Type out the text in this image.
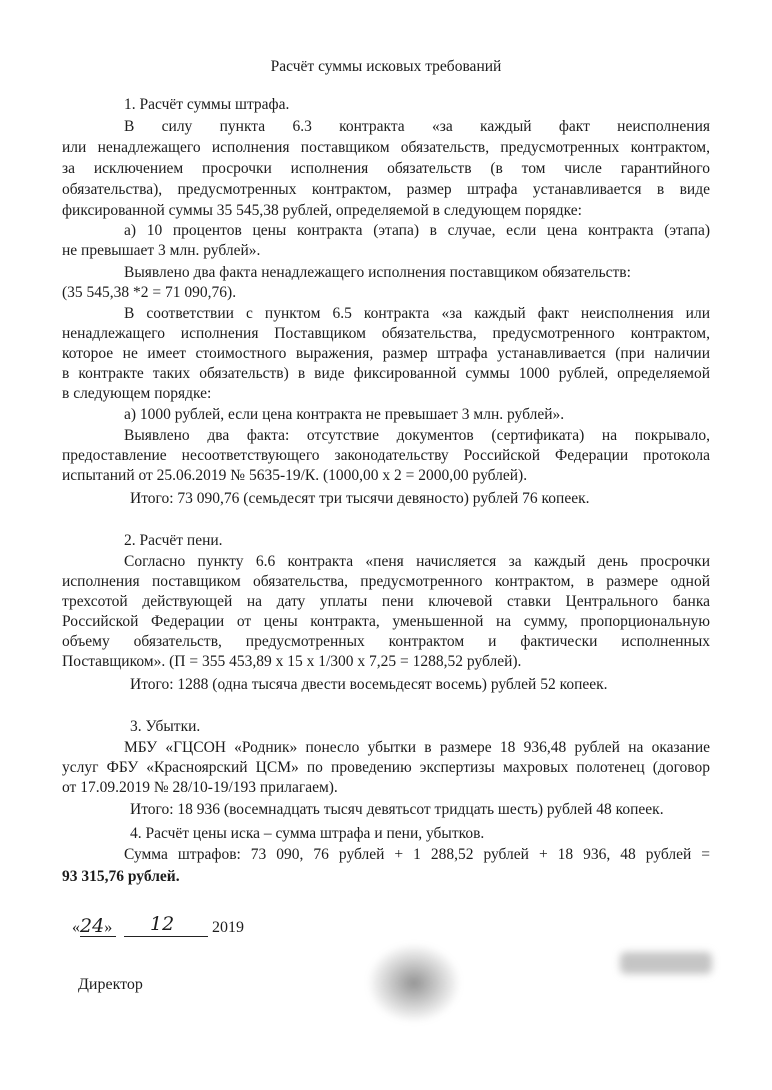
Расчёт суммы исковых требований
1. Расчёт суммы штрафа.
В силу пункта 6.3 контракта «за каждый факт неисполнения
или ненадлежащего исполнения поставщиком обязательств, предусмотренных контрактом,
за исключением просрочки исполнения обязательств (в том числе гарантийного
обязательства), предусмотренных контрактом, размер штрафа устанавливается в виде
фиксированной суммы 35 545,38 рублей, определяемой в следующем порядке:
а) 10 процентов цены контракта (этапа) в случае, если цена контракта (этапа)
не превышает 3 млн. рублей».
Выявлено два факта ненадлежащего исполнения поставщиком обязательств:
(35 545,38 *2 = 71 090,76).
В соответствии с пунктом 6.5 контракта «за каждый факт неисполнения или
ненадлежащего исполнения Поставщиком обязательства, предусмотренного контрактом,
которое не имеет стоимостного выражения, размер штрафа устанавливается (при наличии
в контракте таких обязательств) в виде фиксированной суммы 1000 рублей, определяемой
в следующем порядке:
а) 1000 рублей, если цена контракта не превышает 3 млн. рублей».
Выявлено два факта: отсутствие документов (сертификата) на покрывало,
предоставление несоответствующего законодательству Российской Федерации протокола
испытаний от 25.06.2019 № 5635-19/К. (1000,00 х 2 = 2000,00 рублей).
Итого: 73 090,76 (семьдесят три тысячи девяносто) рублей 76 копеек.
2. Расчёт пени.
Согласно пункту 6.6 контракта «пеня начисляется за каждый день просрочки
исполнения поставщиком обязательства, предусмотренного контрактом, в размере одной
трехсотой действующей на дату уплаты пени ключевой ставки Центрального банка
Российской Федерации от цены контракта, уменьшенной на сумму, пропорциональную
объему обязательств, предусмотренных контрактом и фактически исполненных
Поставщиком». (П = 355 453,89 х 15 х 1/300 х 7,25 = 1288,52 рублей).
Итого: 1288 (одна тысяча двести восемьдесят восемь) рублей 52 копеек.
3. Убытки.
МБУ «ГЦСОН «Родник» понесло убытки в размере 18 936,48 рублей на оказание
услуг ФБУ «Красноярский ЦСМ» по проведению экспертизы махровых полотенец (договор
от 17.09.2019 № 28/10-19/193 прилагаем).
Итого: 18 936 (восемнадцать тысяч девятьсот тридцать шесть) рублей 48 копеек.
4. Расчёт цены иска – сумма штрафа и пени, убытков.
Сумма штрафов: 73 090, 76 рублей + 1 288,52 рублей + 18 936, 48 рублей =
93 315,76 рублей.
«24» 12 2019
Директор
